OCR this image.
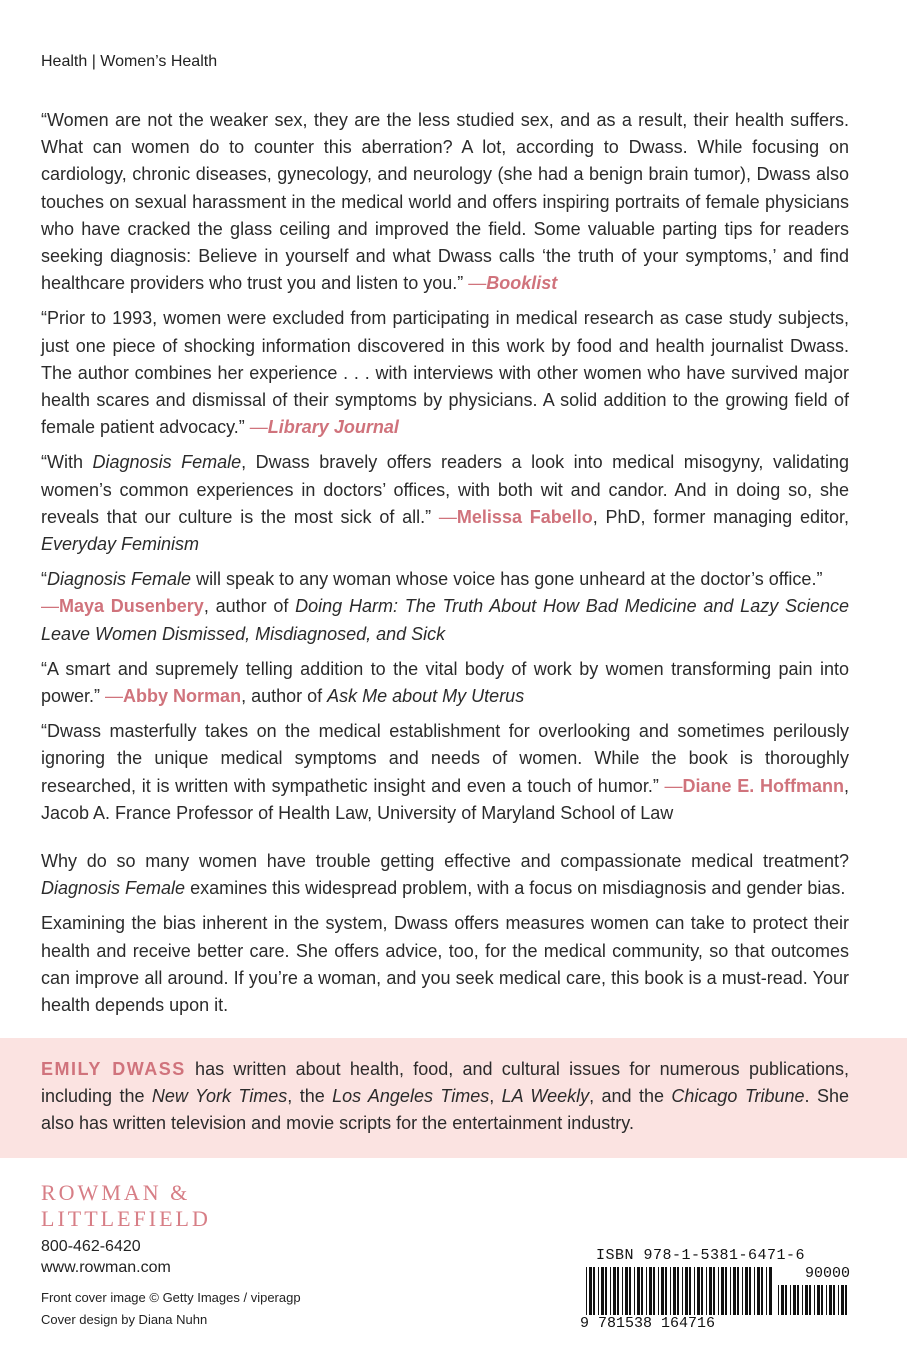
Health | Women’s Health

“Women are not the weaker sex, they are the less studied sex, and as a result, their health suffers. What can women do to counter this aberration? A lot, according to Dwass. While focusing on cardiology, chronic diseases, gynecology, and neurology (she had a benign brain tumor), Dwass also touches on sexual harassment in the medical world and offers inspiring portraits of female physicians who have cracked the glass ceiling and improved the field. Some valuable parting tips for readers seeking diagnosis: Believe in yourself and what Dwass calls ‘the truth of your symptoms,’ and find healthcare providers who trust you and listen to you.” —Booklist

“Prior to 1993, women were excluded from participating in medical research as case study subjects, just one piece of shocking information discovered in this work by food and health journalist Dwass. The author combines her experience . . . with interviews with other women who have survived major health scares and dismissal of their symptoms by physicians. A solid addition to the growing field of female patient advocacy.” —Library Journal

“With Diagnosis Female, Dwass bravely offers readers a look into medical misogyny, validating women’s common experiences in doctors’ offices, with both wit and candor. And in doing so, she reveals that our culture is the most sick of all.” —Melissa Fabello, PhD, former managing editor, Everyday Feminism

“Diagnosis Female will speak to any woman whose voice has gone unheard at the doctor’s office.”
—Maya Dusenbery, author of Doing Harm: The Truth About How Bad Medicine and Lazy Science Leave Women Dismissed, Misdiagnosed, and Sick

“A smart and supremely telling addition to the vital body of work by women transforming pain into power.” —Abby Norman, author of Ask Me about My Uterus

“Dwass masterfully takes on the medical establishment for overlooking and sometimes perilously ignoring the unique medical symptoms and needs of women. While the book is thoroughly researched, it is written with sympathetic insight and even a touch of humor.” —Diane E. Hoffmann, Jacob A. France Professor of Health Law, University of Maryland School of Law

Why do so many women have trouble getting effective and compassionate medical treatment? Diagnosis Female examines this widespread problem, with a focus on misdiagnosis and gender bias.

Examining the bias inherent in the system, Dwass offers measures women can take to protect their health and receive better care. She offers advice, too, for the medical community, so that outcomes can improve all around. If you’re a woman, and you seek medical care, this book is a must-read. Your health depends upon it.

EMILY DWASS has written about health, food, and cultural issues for numerous publications, including the New York Times, the Los Angeles Times, LA Weekly, and the Chicago Tribune. She also has written television and movie scripts for the entertainment industry.
ROWMAN &
LITTLEFIELD
800-462-6420
www.rowman.com
Front cover image © Getty Images / viperagp
Cover design by Diana Nuhn
ISBN 978-1-5381-6471-6
90000
9 781538 164716
